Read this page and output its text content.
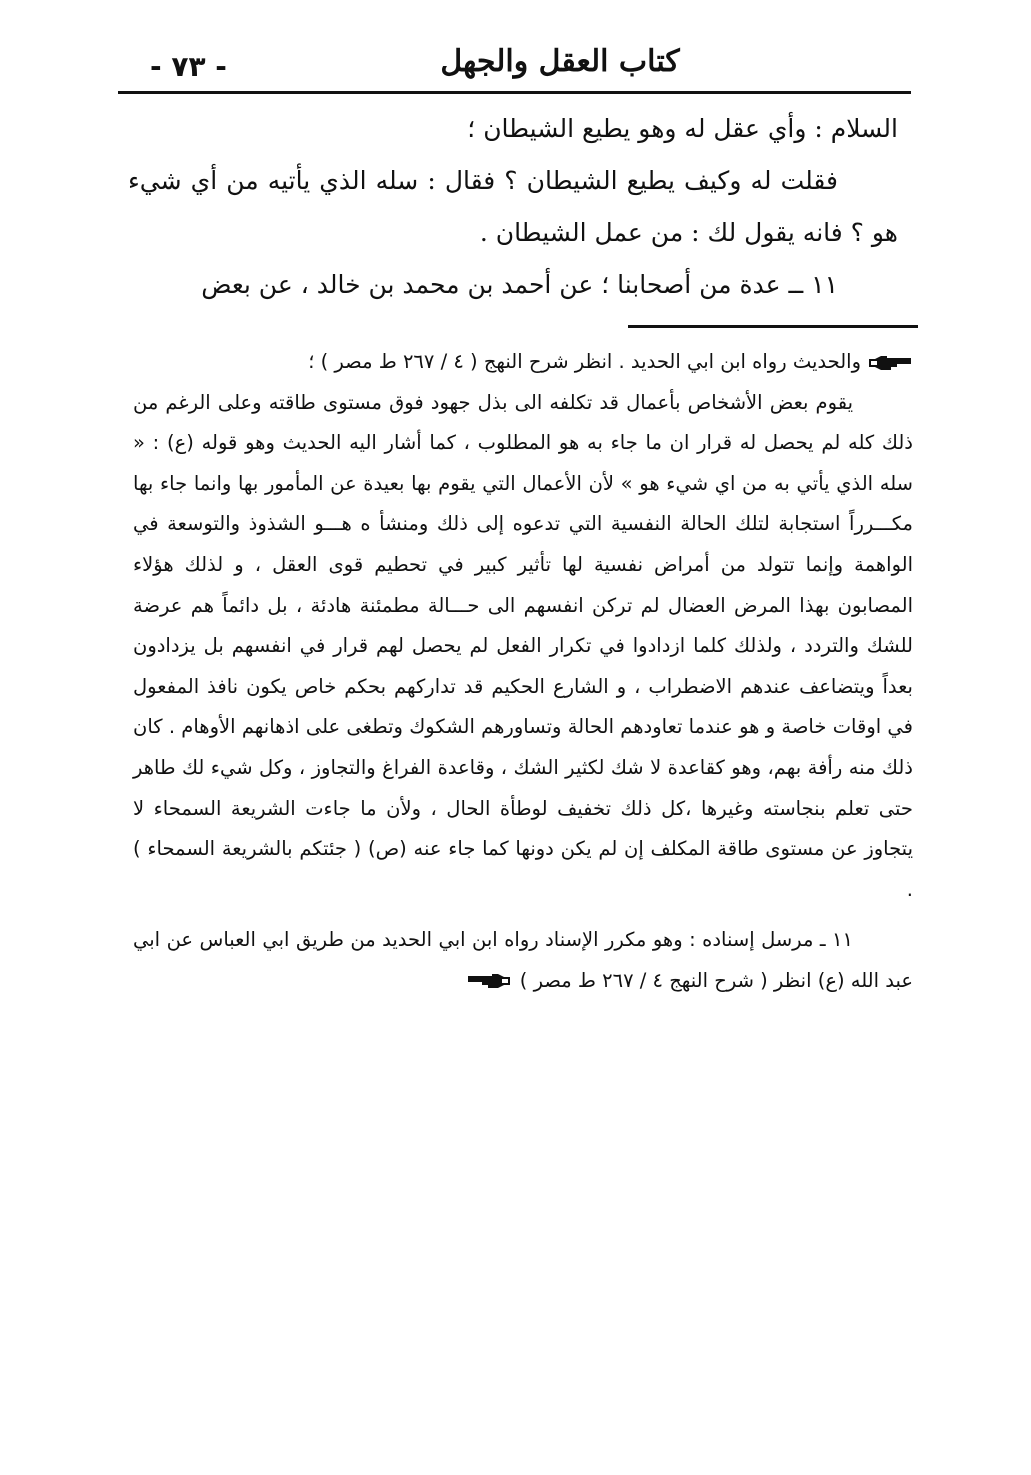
- ٧٣ -	كتاب العقل والجهل

السلام : وأي عقل له وهو يطيع الشيطان ؛

فقلت له وكيف يطيع الشيطان ؟ فقال : سله الذي يأتيه من أي شيء هو ؟ فانه يقول لك : من عمل الشيطان .

١١ ــ عدة من أصحابنا ؛ عن أحمد بن محمد بن خالد ، عن بعض

والحديث رواه ابن ابي الحديد . انظر شرح النهج ( ٤ / ٢٦٧ ط مصر ) ؛

يقوم بعض الأشخاص بأعمال قد تكلفه الى بذل جهود فوق مستوى طاقته وعلى الرغم من ذلك كله لم يحصل له قرار ان ما جاء به هو المطلوب ، كما أشار اليه الحديث وهو قوله (ع) : « سله الذي يأتي به من اي شيء هو » لأن الأعمال التي يقوم بها بعيدة عن المأمور بها وانما جاء بها مكـــرراً استجابة لتلك الحالة النفسية التي تدعوه إلى ذلك ومنشأ ه هـــو الشذوذ والتوسعة في الواهمة وإنما تتولد من أمراض نفسية لها تأثير كبير في تحطيم قوى العقل ، و لذلك هؤلاء المصابون بهذا المرض العضال لم تركن انفسهم الى حـــالة مطمئنة هادئة ، بل دائماً هم عرضة للشك والتردد ، ولذلك كلما ازدادوا في تكرار الفعل لم يحصل لهم قرار في انفسهم بل يزدادون بعداً ويتضاعف عندهم الاضطراب ، و الشارع الحكيم قد تداركهم بحكم خاص يكون نافذ المفعول في اوقات خاصة و هو عندما تعاودهم الحالة وتساورهم الشكوك وتطغى على اذهانهم الأوهام . كان ذلك منه رأفة بهم، وهو كقاعدة لا شك لكثير الشك ، وقاعدة الفراغ والتجاوز ، وكل شيء لك طاهر حتى تعلم بنجاسته وغيرها ،كل ذلك تخفيف لوطأة الحال ، ولأن ما جاءت الشريعة السمحاء لا يتجاوز عن مستوى طاقة المكلف إن لم يكن دونها كما جاء عنه (ص) ( جئتكم بالشريعة السمحاء ) .

١١ ـ مرسل إسناده : وهو مكرر الإسناد رواه ابن ابي الحديد من طريق ابي العباس عن ابي عبد الله (ع) انظر ( شرح النهج ٤ / ٢٦٧ ط مصر )
